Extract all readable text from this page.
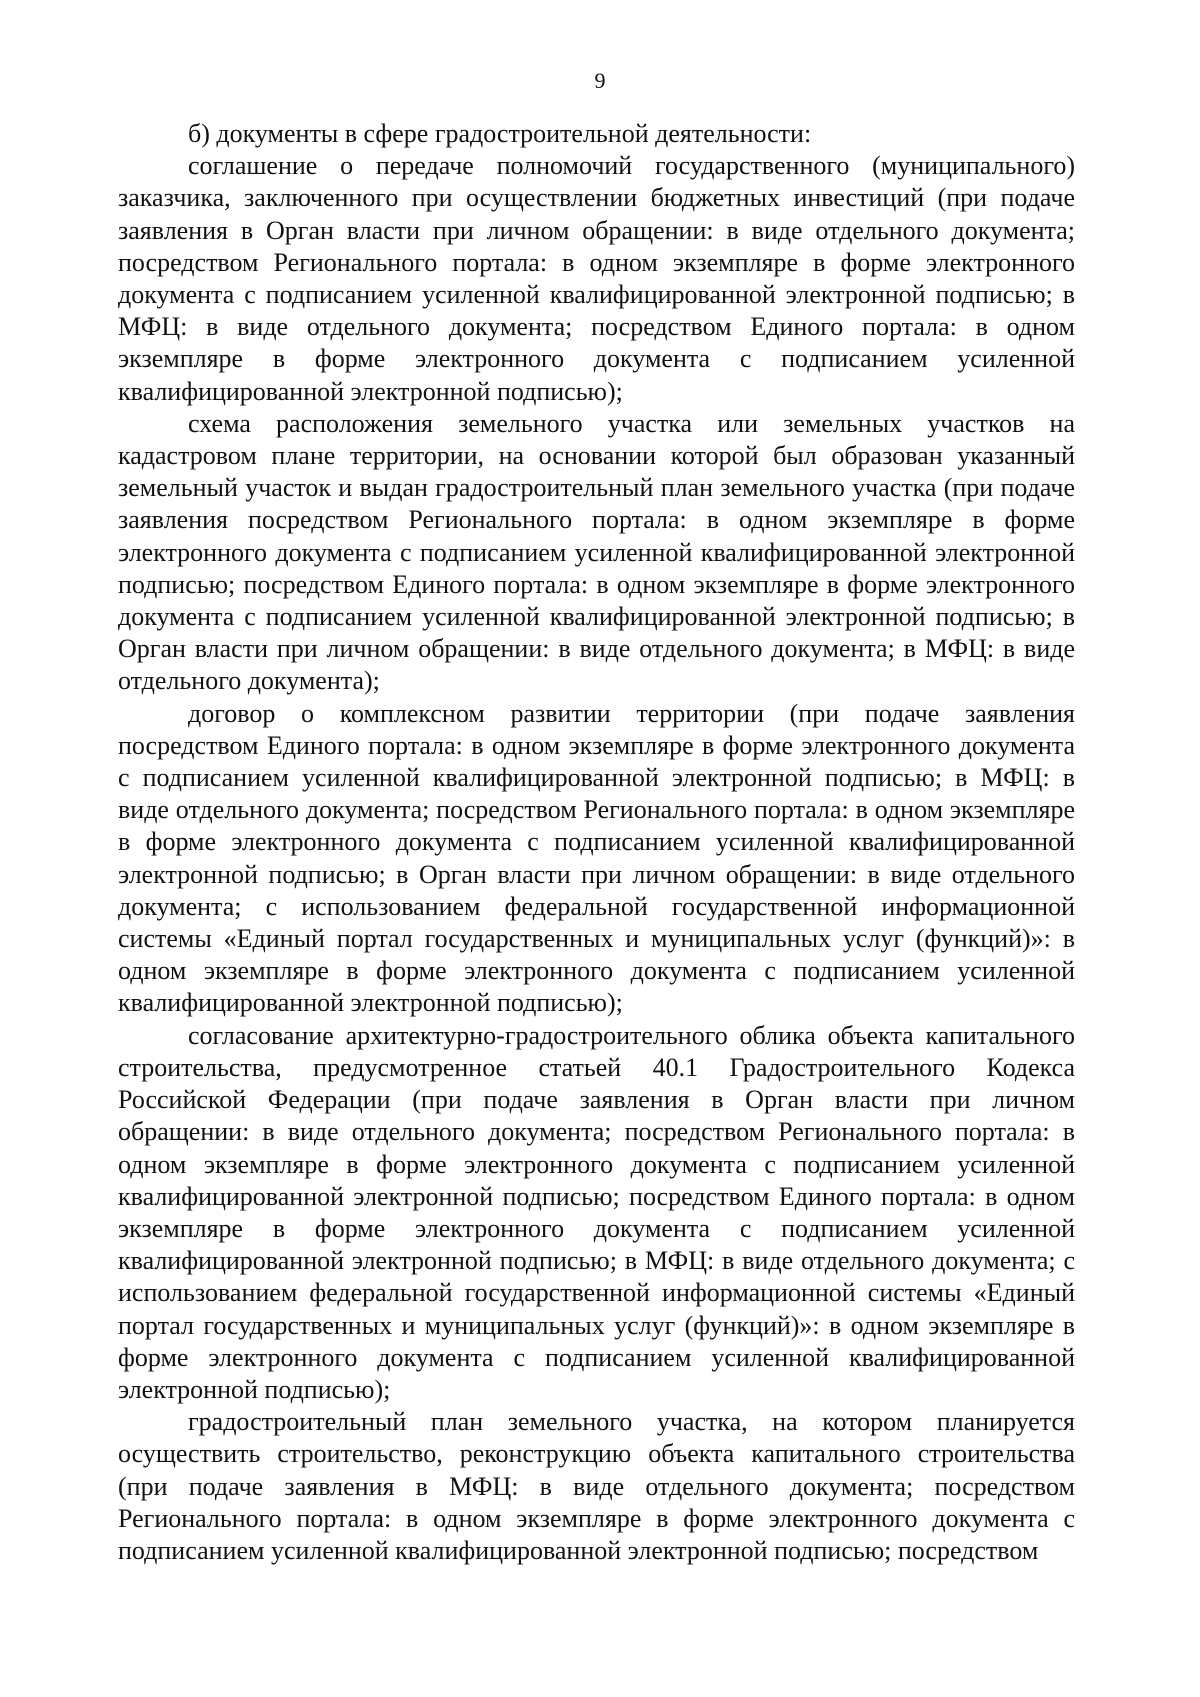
9

б) документы в сфере градостроительной деятельности:

соглашение о передаче полномочий государственного (муниципального) заказчика, заключенного при осуществлении бюджетных инвестиций (при подаче заявления в Орган власти при личном обращении: в виде отдельного документа; посредством Регионального портала: в одном экземпляре в форме электронного документа с подписанием усиленной квалифицированной электронной подписью; в МФЦ: в виде отдельного документа; посредством Единого портала: в одном экземпляре в форме электронного документа с подписанием усиленной квалифицированной электронной подписью);

схема расположения земельного участка или земельных участков на кадастровом плане территории, на основании которой был образован указанный земельный участок и выдан градостроительный план земельного участка (при подаче заявления посредством Регионального портала: в одном экземпляре в форме электронного документа с подписанием усиленной квалифицированной электронной подписью; посредством Единого портала: в одном экземпляре в форме электронного документа с подписанием усиленной квалифицированной электронной подписью; в Орган власти при личном обращении: в виде отдельного документа; в МФЦ: в виде отдельного документа);

договор о комплексном развитии территории (при подаче заявления посредством Единого портала: в одном экземпляре в форме электронного документа с подписанием усиленной квалифицированной электронной подписью; в МФЦ: в виде отдельного документа; посредством Регионального портала: в одном экземпляре в форме электронного документа с подписанием усиленной квалифицированной электронной подписью; в Орган власти при личном обращении: в виде отдельного документа; с использованием федеральной государственной информационной системы «Единый портал государственных и муниципальных услуг (функций)»: в одном экземпляре в форме электронного документа с подписанием усиленной квалифицированной электронной подписью);

согласование архитектурно-градостроительного облика объекта капитального строительства, предусмотренное статьей 40.1 Градостроительного Кодекса Российской Федерации (при подаче заявления в Орган власти при личном обращении: в виде отдельного документа; посредством Регионального портала: в одном экземпляре в форме электронного документа с подписанием усиленной квалифицированной электронной подписью; посредством Единого портала: в одном экземпляре в форме электронного документа с подписанием усиленной квалифицированной электронной подписью; в МФЦ: в виде отдельного документа; с использованием федеральной государственной информационной системы «Единый портал государственных и муниципальных услуг (функций)»: в одном экземпляре в форме электронного документа с подписанием усиленной квалифицированной электронной подписью);

градостроительный план земельного участка, на котором планируется осуществить строительство, реконструкцию объекта капитального строительства (при подаче заявления в МФЦ: в виде отдельного документа; посредством Регионального портала: в одном экземпляре в форме электронного документа с подписанием усиленной квалифицированной электронной подписью; посредством
